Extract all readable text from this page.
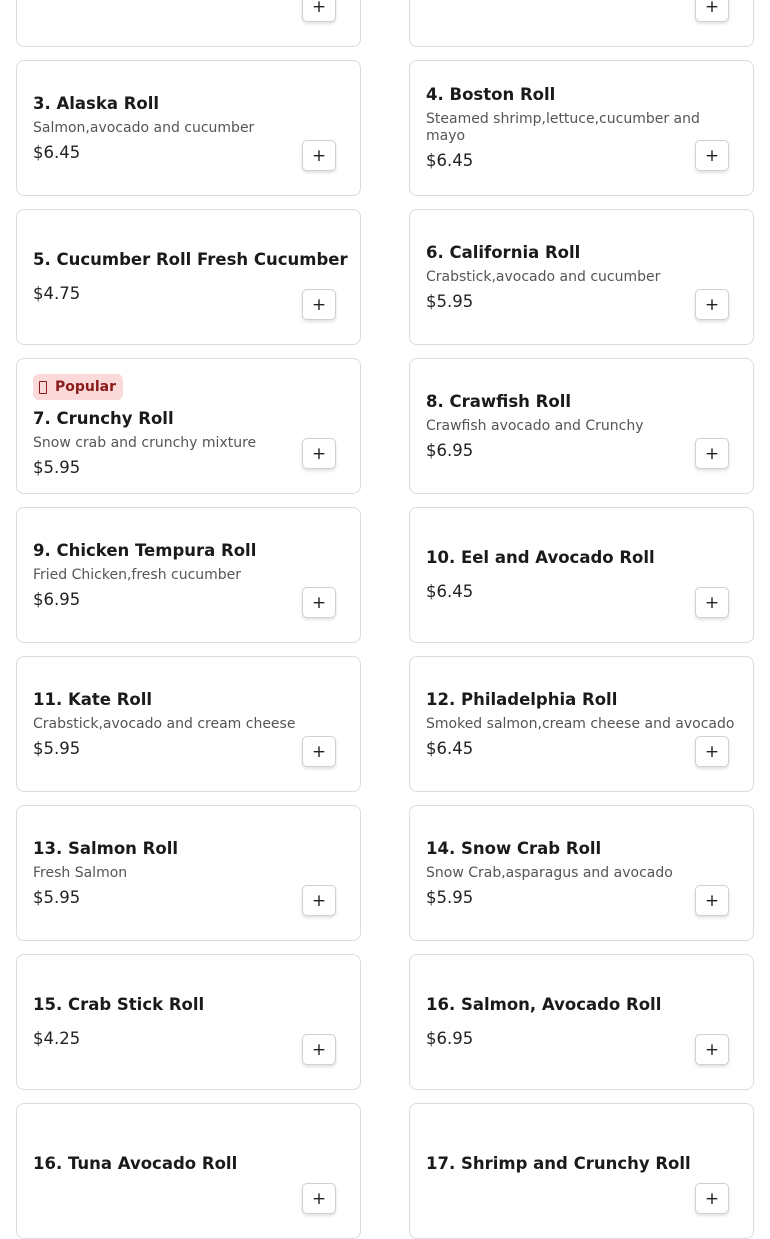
+	+
3. Alaska Roll
Salmon,avocado and cucumber
$6.45	+
4. Boston Roll
Steamed shrimp,lettuce,cucumber and mayo
$6.45	+
5. Cucumber Roll Fresh Cucumber
$4.75
+
6. California Roll
Crabstick,avocado and cucumber
$5.95	+
Popular
7. Crunchy Roll
Snow crab and crunchy mixture
$5.95
+
8. Crawfish Roll
Crawfish avocado and Crunchy
$6.95	+
9. Chicken Tempura Roll
Fried Chicken,fresh cucumber
$6.95	+
10. Eel and Avocado Roll
$6.45
+
11. Kate Roll
Crabstick,avocado and cream cheese
$5.95	+
12. Philadelphia Roll
Smoked salmon,cream cheese and avocado
$6.45	+
13. Salmon Roll
Fresh Salmon
$5.95	+
14. Snow Crab Roll
Snow Crab,asparagus and avocado
$5.95	+
15. Crab Stick Roll
$4.25
+
16. Salmon, Avocado Roll
$6.95
+
16. Tuna Avocado Roll
+
17. Shrimp and Crunchy Roll
+
